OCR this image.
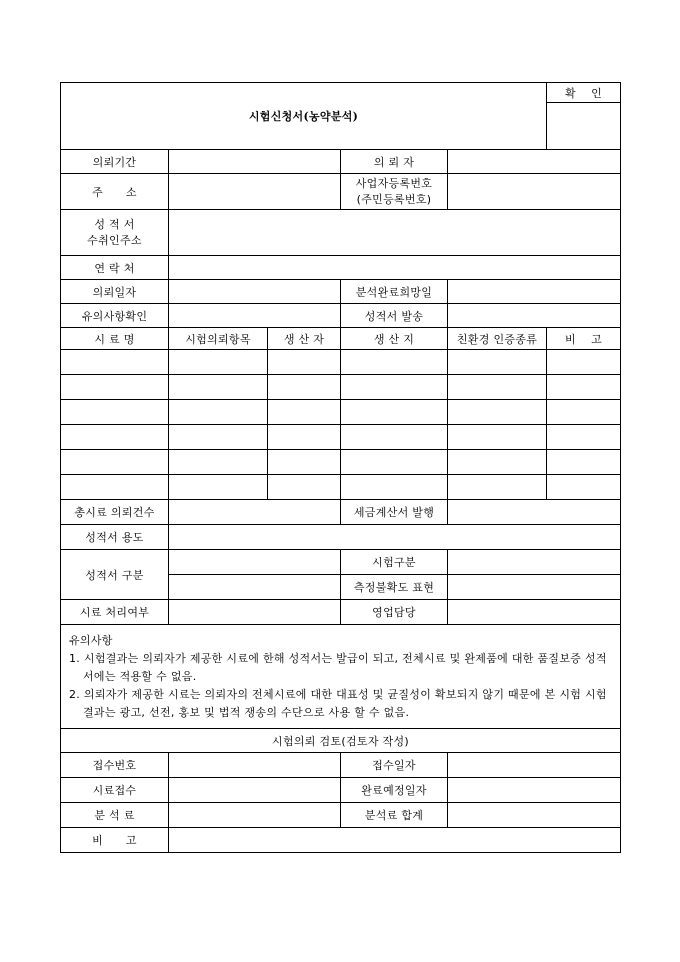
시험신청서(농약분석)					확    인

의뢰기간			의 뢰 자		
주      소			사업자등록번호
(주민등록번호)		

성 적 서
수취인주소					

연 락 처					
의뢰일자			분석완료희망일		
유의사항확인			성적서 발송		
시 료 명	시험의뢰항목	생 산 자	생 산 지	친환경 인증종류	비    고

총시료 의뢰건수			세금계산서 발행		
성적서 용도					
성적서 구분			시험구분		
			측정불확도 표현		
시료 처리여부			영업담당		

유의사항
1. 시험결과는 의뢰자가 제공한 시료에 한해 성적서는 발급이 되고, 전체시료 및 완제품에 대한 품질보증 성적서에는 적용할 수 없음.
2. 의뢰자가 제공한 시료는 의뢰자의 전체시료에 대한 대표성 및 균질성이 확보되지 않기 때문에 본 시험 시험결과는 광고, 선전, 홍보 및 법적 쟁송의 수단으로 사용 할 수 없음.					

시험의뢰 검토(검토자 작성)					
접수번호			접수일자		
시료접수			완료예정일자		
분 석 료			분석료 합계		
비      고					
